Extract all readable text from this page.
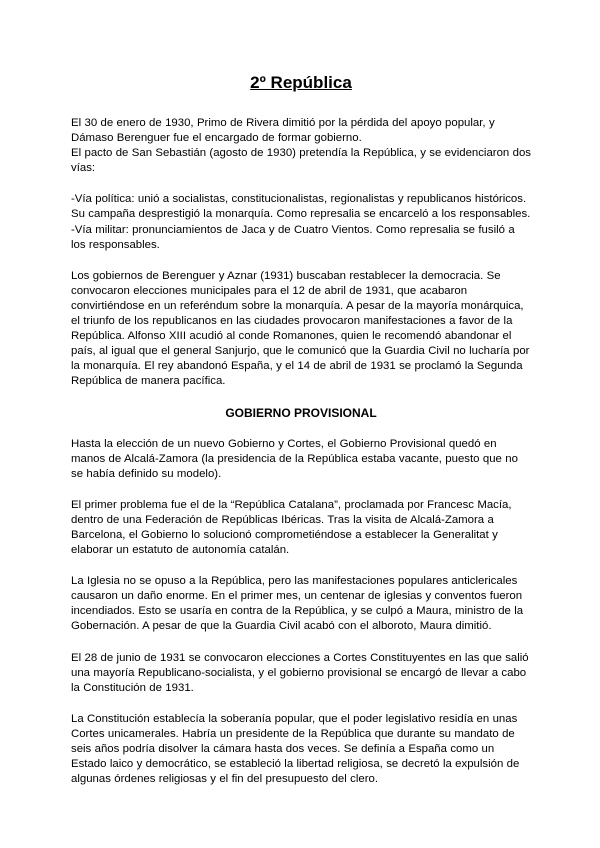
2º República
El 30 de enero de 1930, Primo de Rivera dimitió por la pérdida del apoyo popular, y Dámaso Berenguer fue el encargado de formar gobierno.
El pacto de San Sebastián (agosto de 1930) pretendía la República, y se evidenciaron dos vías:
-Vía política: unió a socialistas, constitucionalistas, regionalistas y republicanos históricos. Su campaña desprestigió la monarquía. Como represalia se encarceló a los responsables.
-Vía militar: pronunciamientos de Jaca y de Cuatro Vientos. Como represalia se fusiló a los responsables.

Los gobiernos de Berenguer y Aznar (1931) buscaban restablecer la democracia. Se convocaron elecciones municipales para el 12 de abril de 1931, que acabaron convirtiéndose en un referéndum sobre la monarquía. A pesar de la mayoría monárquica, el triunfo de los republicanos en las ciudades provocaron manifestaciones a favor de la República. Alfonso XIII acudió al conde Romanones, quien le recomendó abandonar el país, al igual que el general Sanjurjo, que le comunicó que la Guardia Civil no lucharía por la monarquía. El rey abandonó España, y el 14 de abril de 1931 se proclamó la Segunda República de manera pacífica.

GOBIERNO PROVISIONAL

Hasta la elección de un nuevo Gobierno y Cortes, el Gobierno Provisional quedó en manos de Alcalá-Zamora (la presidencia de la República estaba vacante, puesto que no se había definido su modelo).

El primer problema fue el de la “República Catalana”, proclamada por Francesc Macía, dentro de una Federación de Repúblicas Ibéricas. Tras la visita de Alcalá-Zamora a Barcelona, el Gobierno lo solucionó comprometiéndose a establecer la Generalitat y elaborar un estatuto de autonomía catalán.

La Iglesia no se opuso a la República, pero las manifestaciones populares anticlericales causaron un daño enorme. En el primer mes, un centenar de iglesias y conventos fueron incendiados. Esto se usaría en contra de la República, y se culpó a Maura, ministro de la Gobernación. A pesar de que la Guardia Civil acabó con el alboroto, Maura dimitió.

El 28 de junio de 1931 se convocaron elecciones a Cortes Constituyentes en las que salió una mayoría Republicano-socialista, y el gobierno provisional se encargó de llevar a cabo la Constitución de 1931.

La Constitución establecía la soberanía popular, que el poder legislativo residía en unas Cortes unicamerales. Habría un presidente de la República que durante su mandato de seis años podría disolver la cámara hasta dos veces. Se definía a España como un Estado laico y democrático, se estableció la libertad religiosa, se decretó la expulsión de algunas órdenes religiosas y el fin del presupuesto del clero.
